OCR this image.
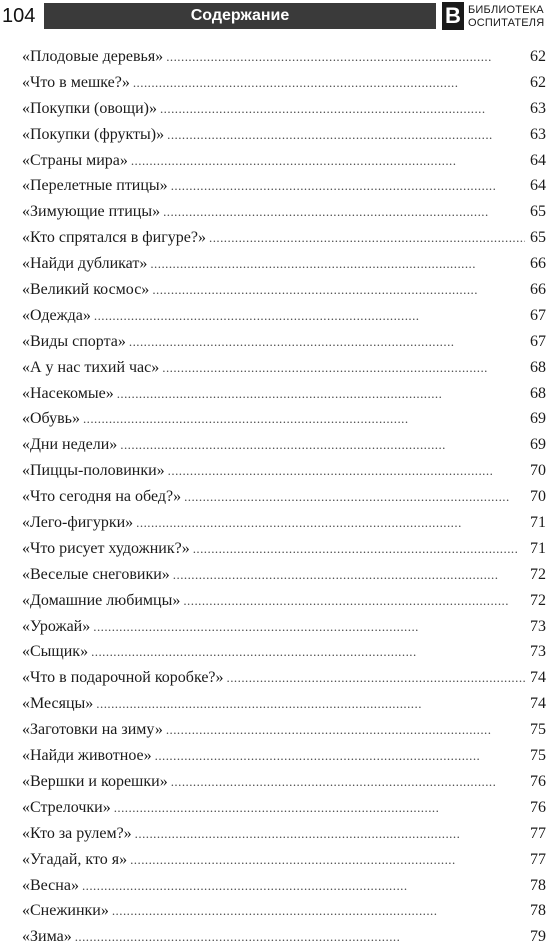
104	Содержание	В БИБЛИОТЕКА
ОСПИТАТЕЛЯ
«Плодовые деревья» . . .	62
«Что в мешке?» . . .	62
«Покупки (овощи)» . . .	63
«Покупки (фрукты)» . . .	63
«Страны мира» . . .	64
«Перелетные птицы» . . .	64
«Зимующие птицы» . . .	65
«Кто спрятался в фигуре?» . . .	65
«Найди дубликат» . . .	66
«Великий космос» . . .	66
«Одежда» . . .	67
«Виды спорта» . . .	67
«А у нас тихий час» . . .	68
«Насекомые» . . .	68
«Обувь» . . .	69
«Дни недели» . . .	69
«Пиццы-половинки» . . .	70
«Что сегодня на обед?» . . .	70
«Лего-фигурки» . . .	71
«Что рисует художник?» . . .	71
«Веселые снеговики» . . .	72
«Домашние любимцы» . . .	72
«Урожай» . . .	73
«Сыщик» . . .	73
«Что в подарочной коробке?» . . .	74
«Месяцы» . . .	74
«Заготовки на зиму» . . .	75
«Найди животное» . . .	75
«Вершки и корешки» . . .	76
«Стрелочки» . . .	76
«Кто за рулем?» . . .	77
«Угадай, кто я» . . .	77
«Весна» . . .	78
«Снежинки» . . .	78
«Зима» . . .	79
